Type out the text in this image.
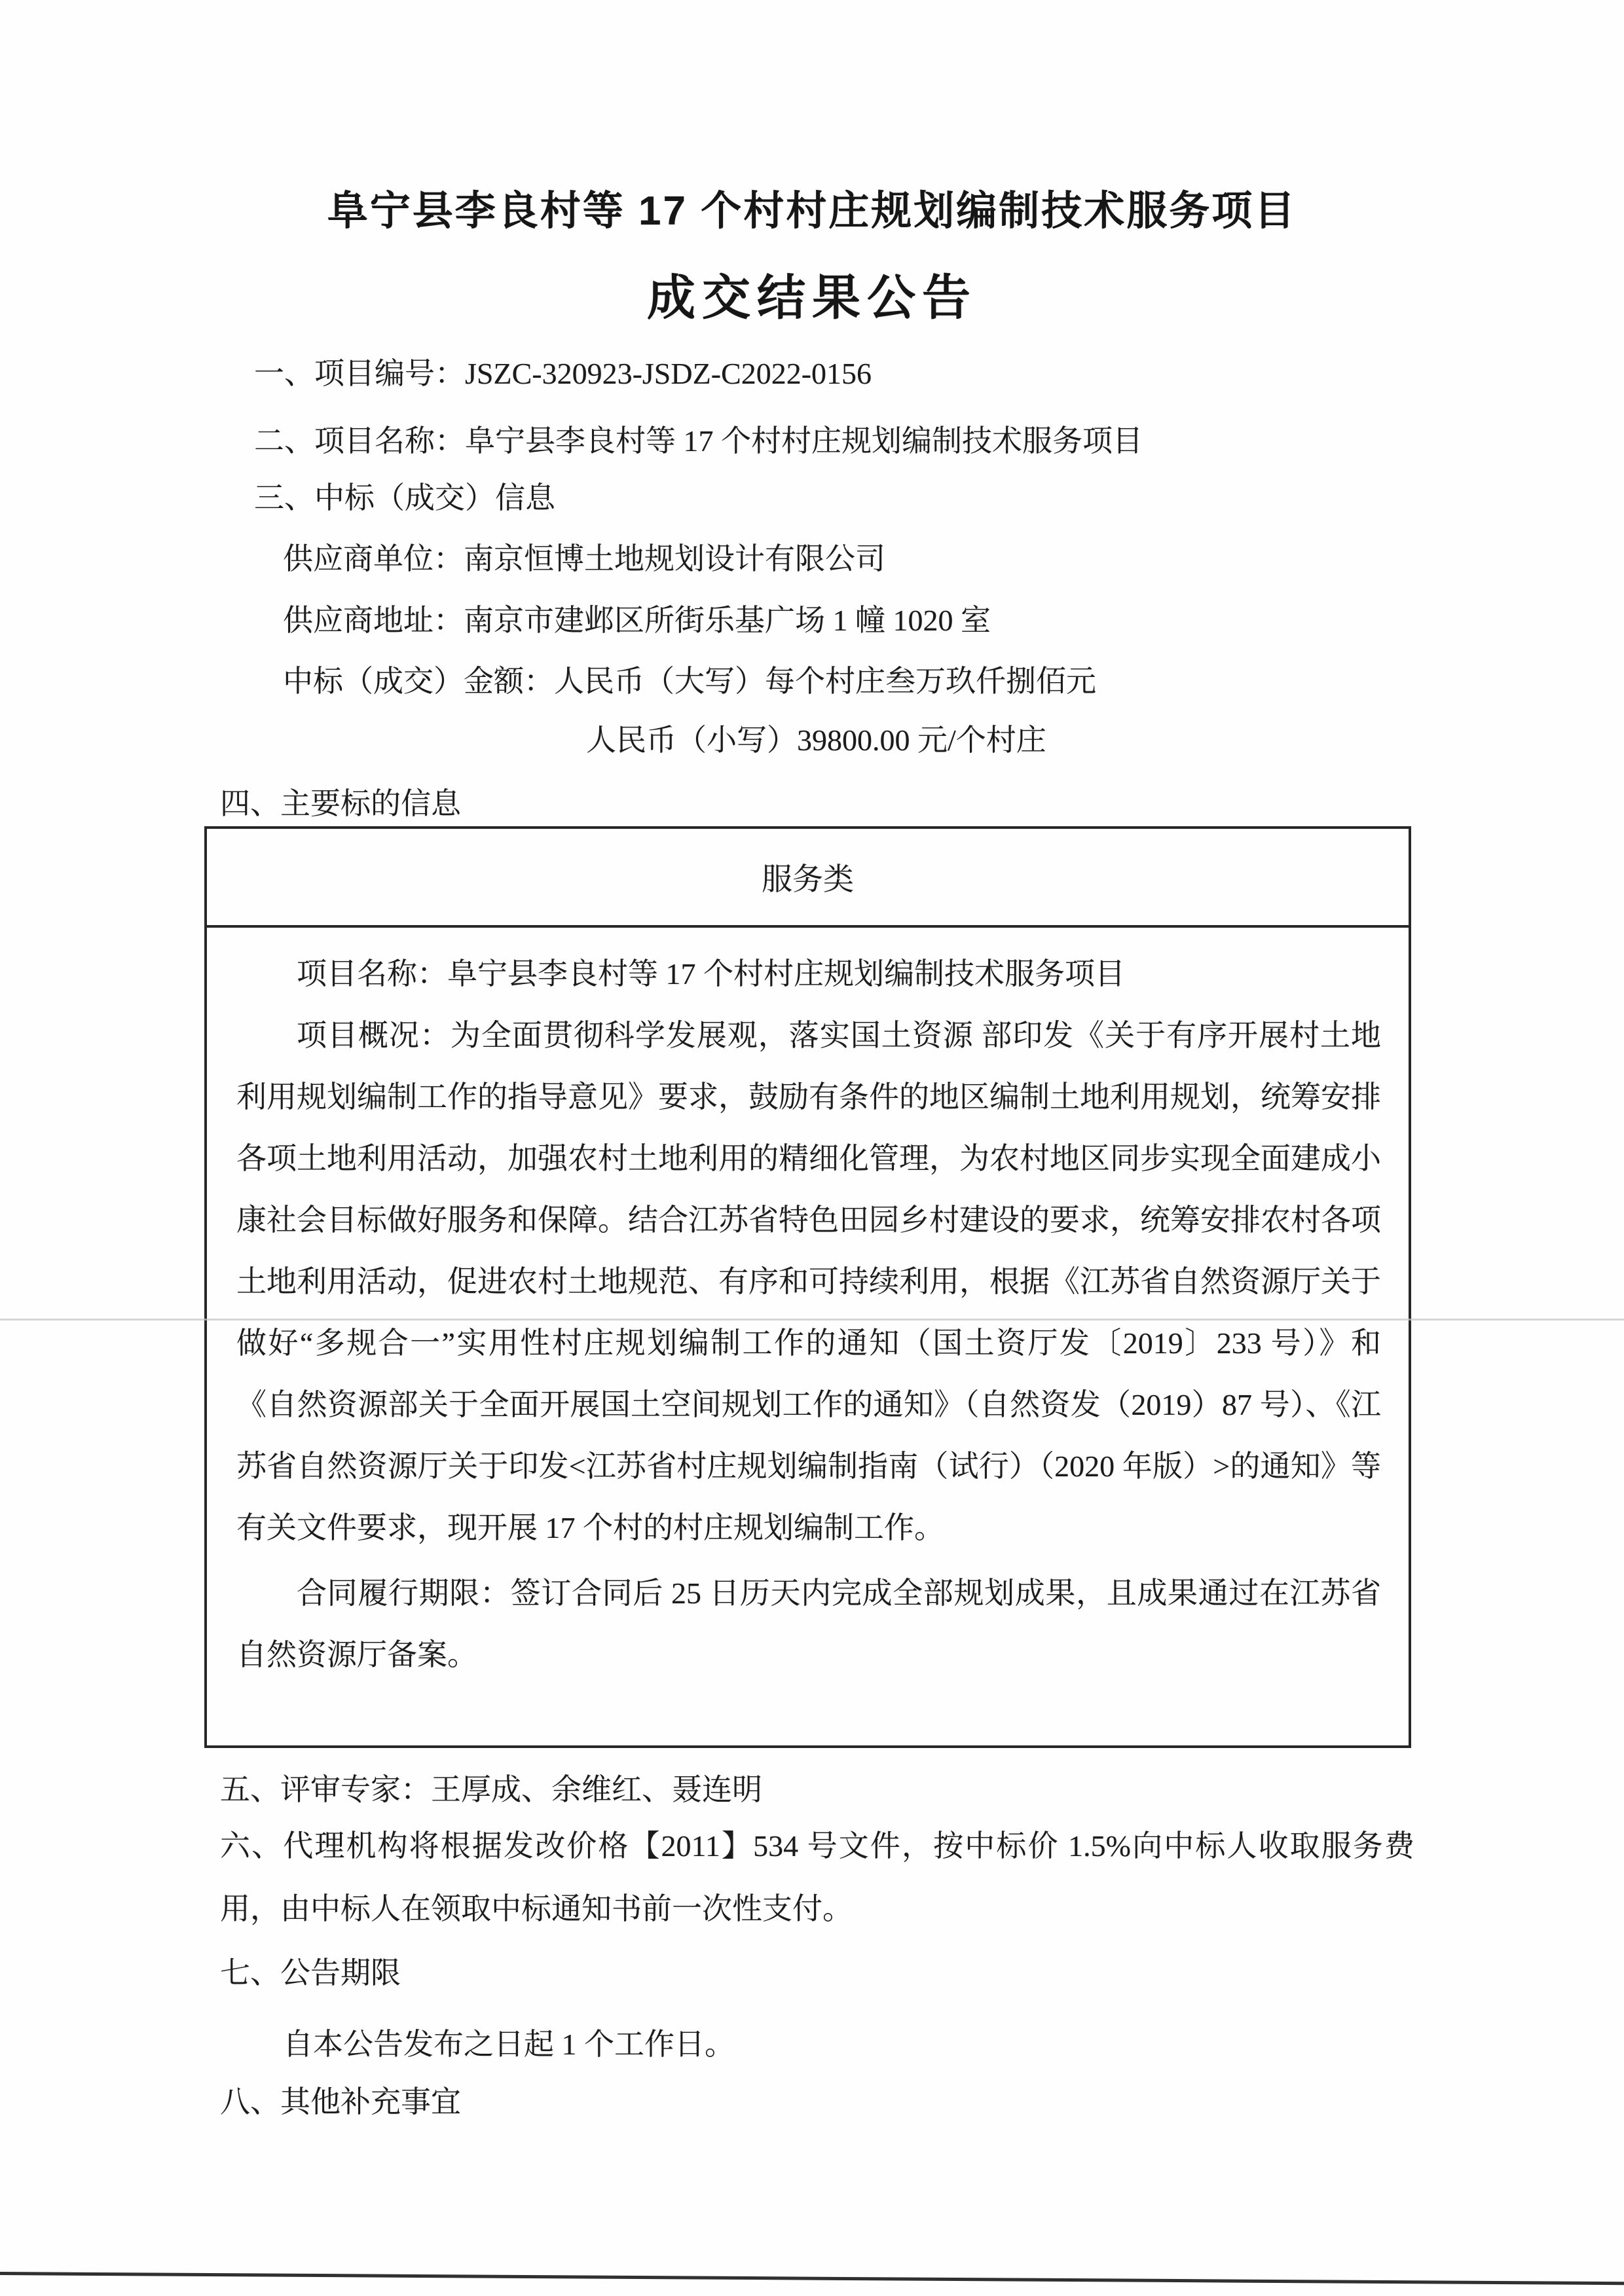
阜宁县李良村等 17 个村村庄规划编制技术服务项目
成交结果公告
一、项目编号：JSZC-320923-JSDZ-C2022-0156
二、项目名称：阜宁县李良村等 17 个村村庄规划编制技术服务项目
三、中标（成交）信息
供应商单位：南京恒博土地规划设计有限公司
供应商地址：南京市建邺区所街乐基广场 1 幢 1020 室
中标（成交）金额：人民币（大写）每个村庄叁万玖仟捌佰元
人民币（小写）39800.00 元/个村庄
四、主要标的信息
服务类

项目名称：阜宁县李良村等 17 个村村庄规划编制技术服务项目

项目概况：为全面贯彻科学发展观，落实国土资源 部印发《关于有序开展村土地利用规划编制工作的指导意见》要求，鼓励有条件的地区编制土地利用规划，统筹安排各项土地利用活动，加强农村土地利用的精细化管理，为农村地区同步实现全面建成小康社会目标做好服务和保障。结合江苏省特色田园乡村建设的要求，统筹安排农村各项土地利用活动，促进农村土地规范、有序和可持续利用，根据《江苏省自然资源厅关于做好“多规合一”实用性村庄规划编制工作的通知（国土资厅发〔2019〕233 号）》和《自然资源部关于全面开展国土空间规划工作的通知》（自然资发（2019）87 号）、《江苏省自然资源厅关于印发<江苏省村庄规划编制指南（试行）（2020 年版）>的通知》等有关文件要求，现开展 17 个村的村庄规划编制工作。

合同履行期限：签订合同后 25 日历天内完成全部规划成果，且成果通过在江苏省自然资源厅备案。

五、评审专家：王厚成、余维红、聂连明
六、代理机构将根据发改价格【2011】534 号文件，按中标价 1.5%向中标人收取服务费用，由中标人在领取中标通知书前一次性支付。
七、公告期限
自本公告发布之日起 1 个工作日。
八、其他补充事宜
